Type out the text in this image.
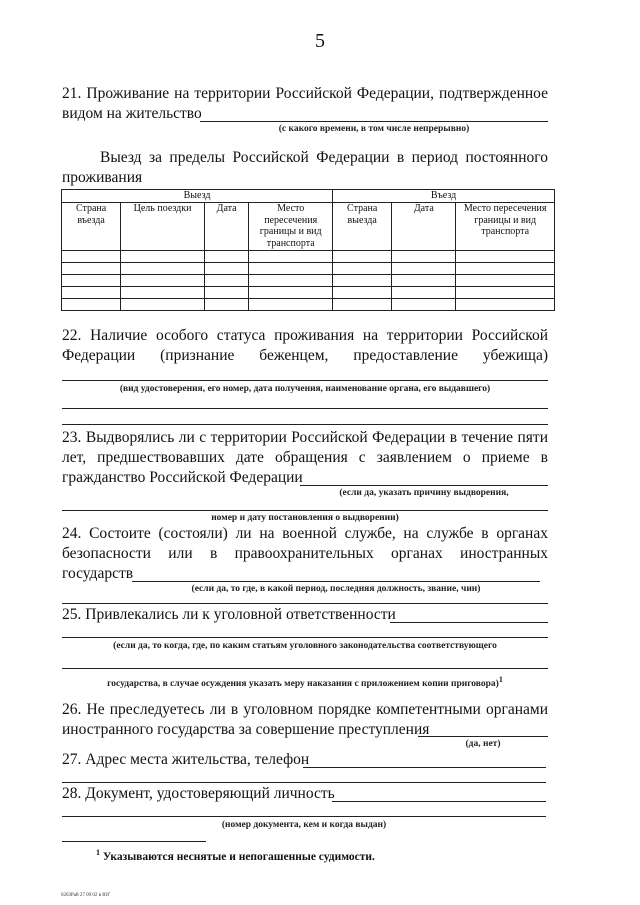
5
21. Проживание на территории Российской Федерации, подтвержденное
видом на жительство
(с какого времени, в том числе непрерывно)
Выезд за пределы Российской Федерации в период постоянного проживания
Выезд				Въезд		
Страна въезда	Цель поездки	Дата	Место пересечения границы и вид транспорта	Страна выезда	Дата	Место пересечения границы и вид транспорта

22. Наличие особого статуса проживания на территории Российской Федерации (признание беженцем, предоставление убежища)
(вид удостоверения, его номер, дата получения, наименование органа, его выдавшего)
23. Выдворялись ли с территории Российской Федерации в течение пяти лет, предшествовавших дате обращения с заявлением о приеме в
гражданство Российской Федерации
(если да, указать причину выдворения,
номер и дату постановления о выдворении)
24. Состоите (состояли) ли на военной службе, на службе в органах безопасности или в правоохранительных органах иностранных
государств
(если да, то где, в какой период, последняя должность, звание, чин)
25. Привлекались ли к уголовной ответственности
(если да, то когда, где, по каким статьям уголовного законодательства соответствующего
государства, в случае осуждения указать меру наказания с приложением копии приговора)$^1$
26. Не преследуетесь ли в уголовном порядке компетентными органами
иностранного государства за совершение преступления
(да, нет)
27. Адрес места жительства, телефон
28. Документ, удостоверяющий личность
(номер документа, кем и когда выдан)
$^1$ Указываются неснятые и непогашенные судимости.
0203Рай 27 09 02 в ЮГ
